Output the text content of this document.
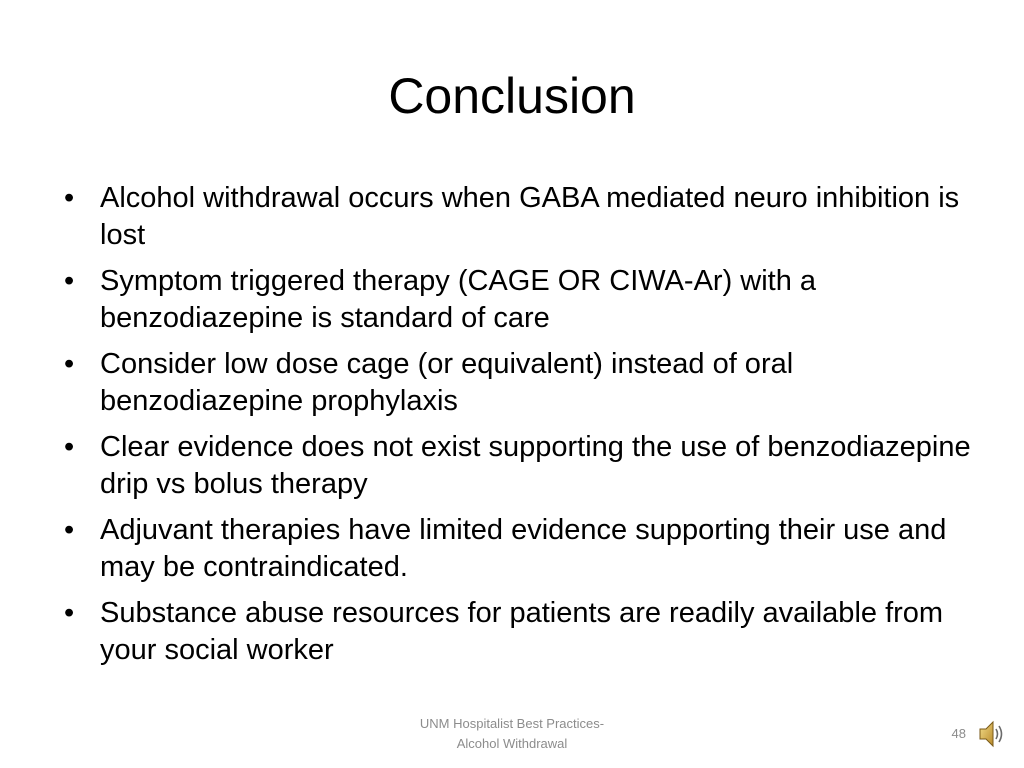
Conclusion
• Alcohol withdrawal occurs when GABA mediated neuro inhibition is lost
• Symptom triggered therapy (CAGE OR CIWA-Ar) with a benzodiazepine is standard of care
• Consider low dose cage (or equivalent) instead of oral benzodiazepine prophylaxis
• Clear evidence does not exist supporting the use of benzodiazepine drip vs bolus therapy
• Adjuvant therapies have limited evidence supporting their use and may be contraindicated.
• Substance abuse resources for patients are readily available from your social worker
UNM Hospitalist Best Practices-
Alcohol Withdrawal
48
